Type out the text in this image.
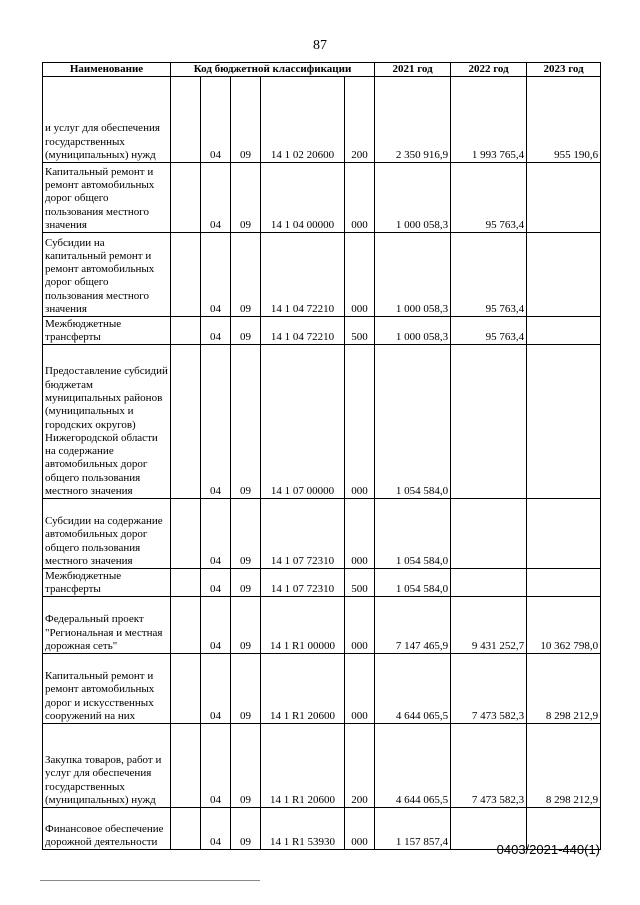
87
Наименование	Код бюджетной классификации					2021 год	2022 год	2023 год
и услуг для обеспечения государственных (муниципальных) нужд		04	09	14 1 02 20600	200	2 350 916,9	1 993 765,4	955 190,6
Капитальный ремонт и ремонт автомобильных дорог общего пользования местного значения		04	09	14 1 04 00000	000	1 000 058,3	95 763,4	
Субсидии на капитальный ремонт и ремонт автомобильных дорог общего пользования местного значения		04	09	14 1 04 72210	000	1 000 058,3	95 763,4	
Межбюджетные трансферты		04	09	14 1 04 72210	500	1 000 058,3	95 763,4	
Предоставление субсидий бюджетам муниципальных районов (муниципальных и городских округов) Нижегородской области на содержание автомобильных дорог общего пользования местного значения		04	09	14 1 07 00000	000	1 054 584,0		
Субсидии на содержание автомобильных дорог общего пользования местного значения		04	09	14 1 07 72310	000	1 054 584,0		
Межбюджетные трансферты		04	09	14 1 07 72310	500	1 054 584,0		
Федеральный проект "Региональная и местная дорожная сеть"		04	09	14 1 R1 00000	000	7 147 465,9	9 431 252,7	10 362 798,0
Капитальный ремонт и ремонт автомобильных дорог и искусственных сооружений на них		04	09	14 1 R1 20600	000	4 644 065,5	7 473 582,3	8 298 212,9
Закупка товаров, работ и услуг для обеспечения государственных (муниципальных) нужд		04	09	14 1 R1 20600	200	4 644 065,5	7 473 582,3	8 298 212,9
Финансовое обеспечение дорожной деятельности		04	09	14 1 R1 53930	000	1 157 857,4			0403/2021-440(1)
